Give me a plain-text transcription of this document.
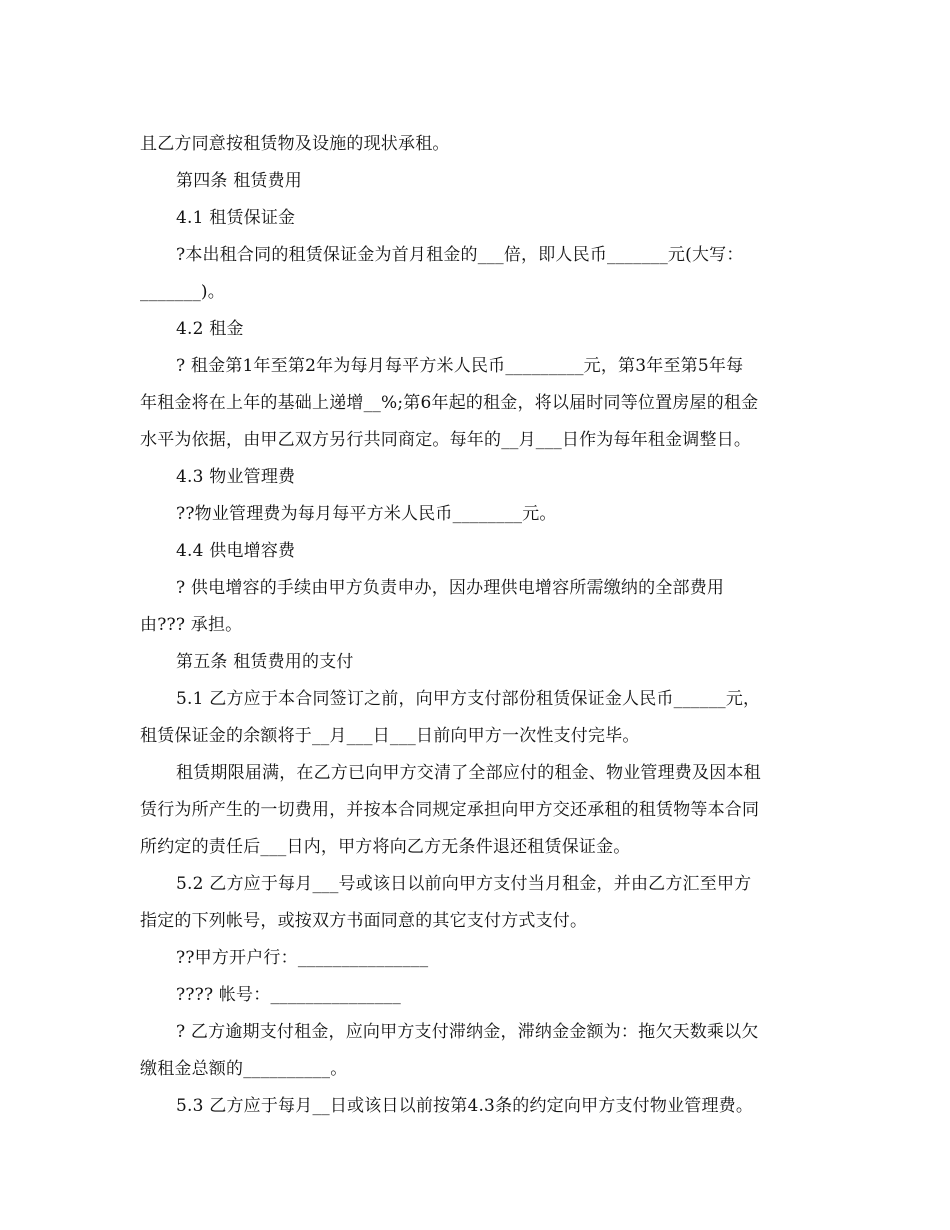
且乙方同意按租赁物及设施的现状承租。
第四条 租赁费用
4.1 租赁保证金
?本出租合同的租赁保证金为首月租金的___倍，即人民币_______元(大写：
_______)。
4.2 租金
? 租金第1年至第2年为每月每平方米人民币_________元，第3年至第5年每
年租金将在上年的基础上递增__%;第6年起的租金，将以届时同等位置房屋的租金
水平为依据，由甲乙双方另行共同商定。每年的__月___日作为每年租金调整日。
4.3 物业管理费
??物业管理费为每月每平方米人民币________元。
4.4 供电增容费
? 供电增容的手续由甲方负责申办，因办理供电增容所需缴纳的全部费用
由??? 承担。
第五条 租赁费用的支付
5.1 乙方应于本合同签订之前，向甲方支付部份租赁保证金人民币______元，
租赁保证金的余额将于__月___日___日前向甲方一次性支付完毕。
租赁期限届满，在乙方已向甲方交清了全部应付的租金、物业管理费及因本租
赁行为所产生的一切费用，并按本合同规定承担向甲方交还承租的租赁物等本合同
所约定的责任后___日内，甲方将向乙方无条件退还租赁保证金。
5.2 乙方应于每月___号或该日以前向甲方支付当月租金，并由乙方汇至甲方
指定的下列帐号，或按双方书面同意的其它支付方式支付。
??甲方开户行：_______________
???? 帐号：_______________
? 乙方逾期支付租金，应向甲方支付滞纳金，滞纳金金额为：拖欠天数乘以欠
缴租金总额的__________。
5.3 乙方应于每月__日或该日以前按第4.3条的约定向甲方支付物业管理费。
